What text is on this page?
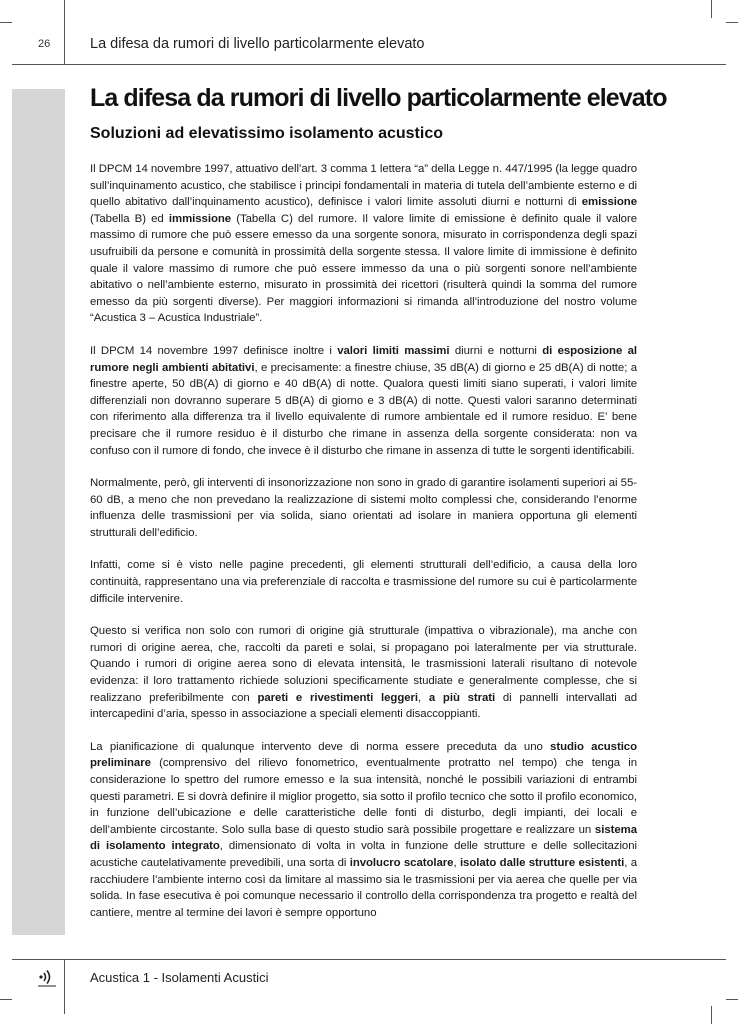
26	La difesa da rumori di livello particolarmente elevato
La difesa da rumori di livello particolarmente elevato
Soluzioni ad elevatissimo isolamento acustico

Il DPCM 14 novembre 1997, attuativo dell’art. 3 comma 1 lettera “a” della Legge n. 447/1995 (la legge quadro sull’inquinamento acustico, che stabilisce i principi fondamentali in materia di tutela dell’ambiente esterno e di quello abitativo dall’inquinamento acustico), definisce i valori limite assoluti diurni e notturni di emissione (Tabella B) ed immissione (Tabella C) del rumore. Il valore limite di emissione è definito quale il valore massimo di rumore che può essere emesso da una sorgente sonora, misurato in corrispondenza degli spazi usufruibili da persone e comunità in prossimità della sorgente stessa. Il valore limite di immissione è definito quale il valore massimo di rumore che può essere immesso da una o più sorgenti sonore nell’ambiente abitativo o nell’ambiente esterno, misurato in prossimità dei ricettori (risulterà quindi la somma del rumore emesso da più sorgenti diverse). Per maggiori informazioni si rimanda all’introduzione del nostro volume “Acustica 3 – Acustica Industriale”.

Il DPCM 14 novembre 1997 definisce inoltre i valori limiti massimi diurni e notturni di esposizione al rumore negli ambienti abitativi, e precisamente: a finestre chiuse, 35 dB(A) di giorno e 25 dB(A) di notte; a finestre aperte, 50 dB(A) di giorno e 40 dB(A) di notte. Qualora questi limiti siano superati, i valori limite differenziali non dovranno superare 5 dB(A) di giorno e 3 dB(A) di notte. Questi valori saranno determinati con riferimento alla differenza tra il livello equivalente di rumore ambientale ed il rumore residuo. E’ bene precisare che il rumore residuo è il disturbo che rimane in assenza della sorgente considerata: non va confuso con il rumore di fondo, che invece è il disturbo che rimane in assenza di tutte le sorgenti identificabili.

Normalmente, però, gli interventi di insonorizzazione non sono in grado di garantire isolamenti superiori ai 55-60 dB, a meno che non prevedano la realizzazione di sistemi molto complessi che, considerando l’enorme influenza delle trasmissioni per via solida, siano orientati ad isolare in maniera opportuna gli elementi strutturali dell’edificio.

Infatti, come si è visto nelle pagine precedenti, gli elementi strutturali dell’edificio, a causa della loro continuità, rappresentano una via preferenziale di raccolta e trasmissione del rumore su cui è particolarmente difficile intervenire.

Questo si verifica non solo con rumori di origine già strutturale (impattiva o vibrazionale), ma anche con rumori di origine aerea, che, raccolti da pareti e solai, si propagano poi lateralmente per via strutturale. Quando i rumori di origine aerea sono di elevata intensità, le trasmissioni laterali risultano di notevole evidenza: il loro trattamento richiede soluzioni specificamente studiate e generalmente complesse, che si realizzano preferibilmente con pareti e rivestimenti leggeri, a più strati di pannelli intervallati ad intercapedini d’aria, spesso in associazione a speciali elementi disaccoppianti.

La pianificazione di qualunque intervento deve di norma essere preceduta da uno studio acustico preliminare (comprensivo del rilievo fonometrico, eventualmente protratto nel tempo) che tenga in considerazione lo spettro del rumore emesso e la sua intensità, nonché le possibili variazioni di entrambi questi parametri. E si dovrà definire il miglior progetto, sia sotto il profilo tecnico che sotto il profilo economico, in funzione dell’ubicazione e delle caratteristiche delle fonti di disturbo, degli impianti, dei locali e dell’ambiente circostante. Solo sulla base di questo studio sarà possibile progettare e realizzare un sistema di isolamento integrato, dimensionato di volta in volta in funzione delle strutture e delle sollecitazioni acustiche cautelativamente prevedibili, una sorta di involucro scatolare, isolato dalle strutture esistenti, a racchiudere l’ambiente interno così da limitare al massimo sia le trasmissioni per via aerea che quelle per via solida. In fase esecutiva è poi comunque necessario il controllo della corrispondenza tra progetto e realtà del cantiere, mentre al termine dei lavori è sempre opportuno

Acustica 1 - Isolamenti Acustici
